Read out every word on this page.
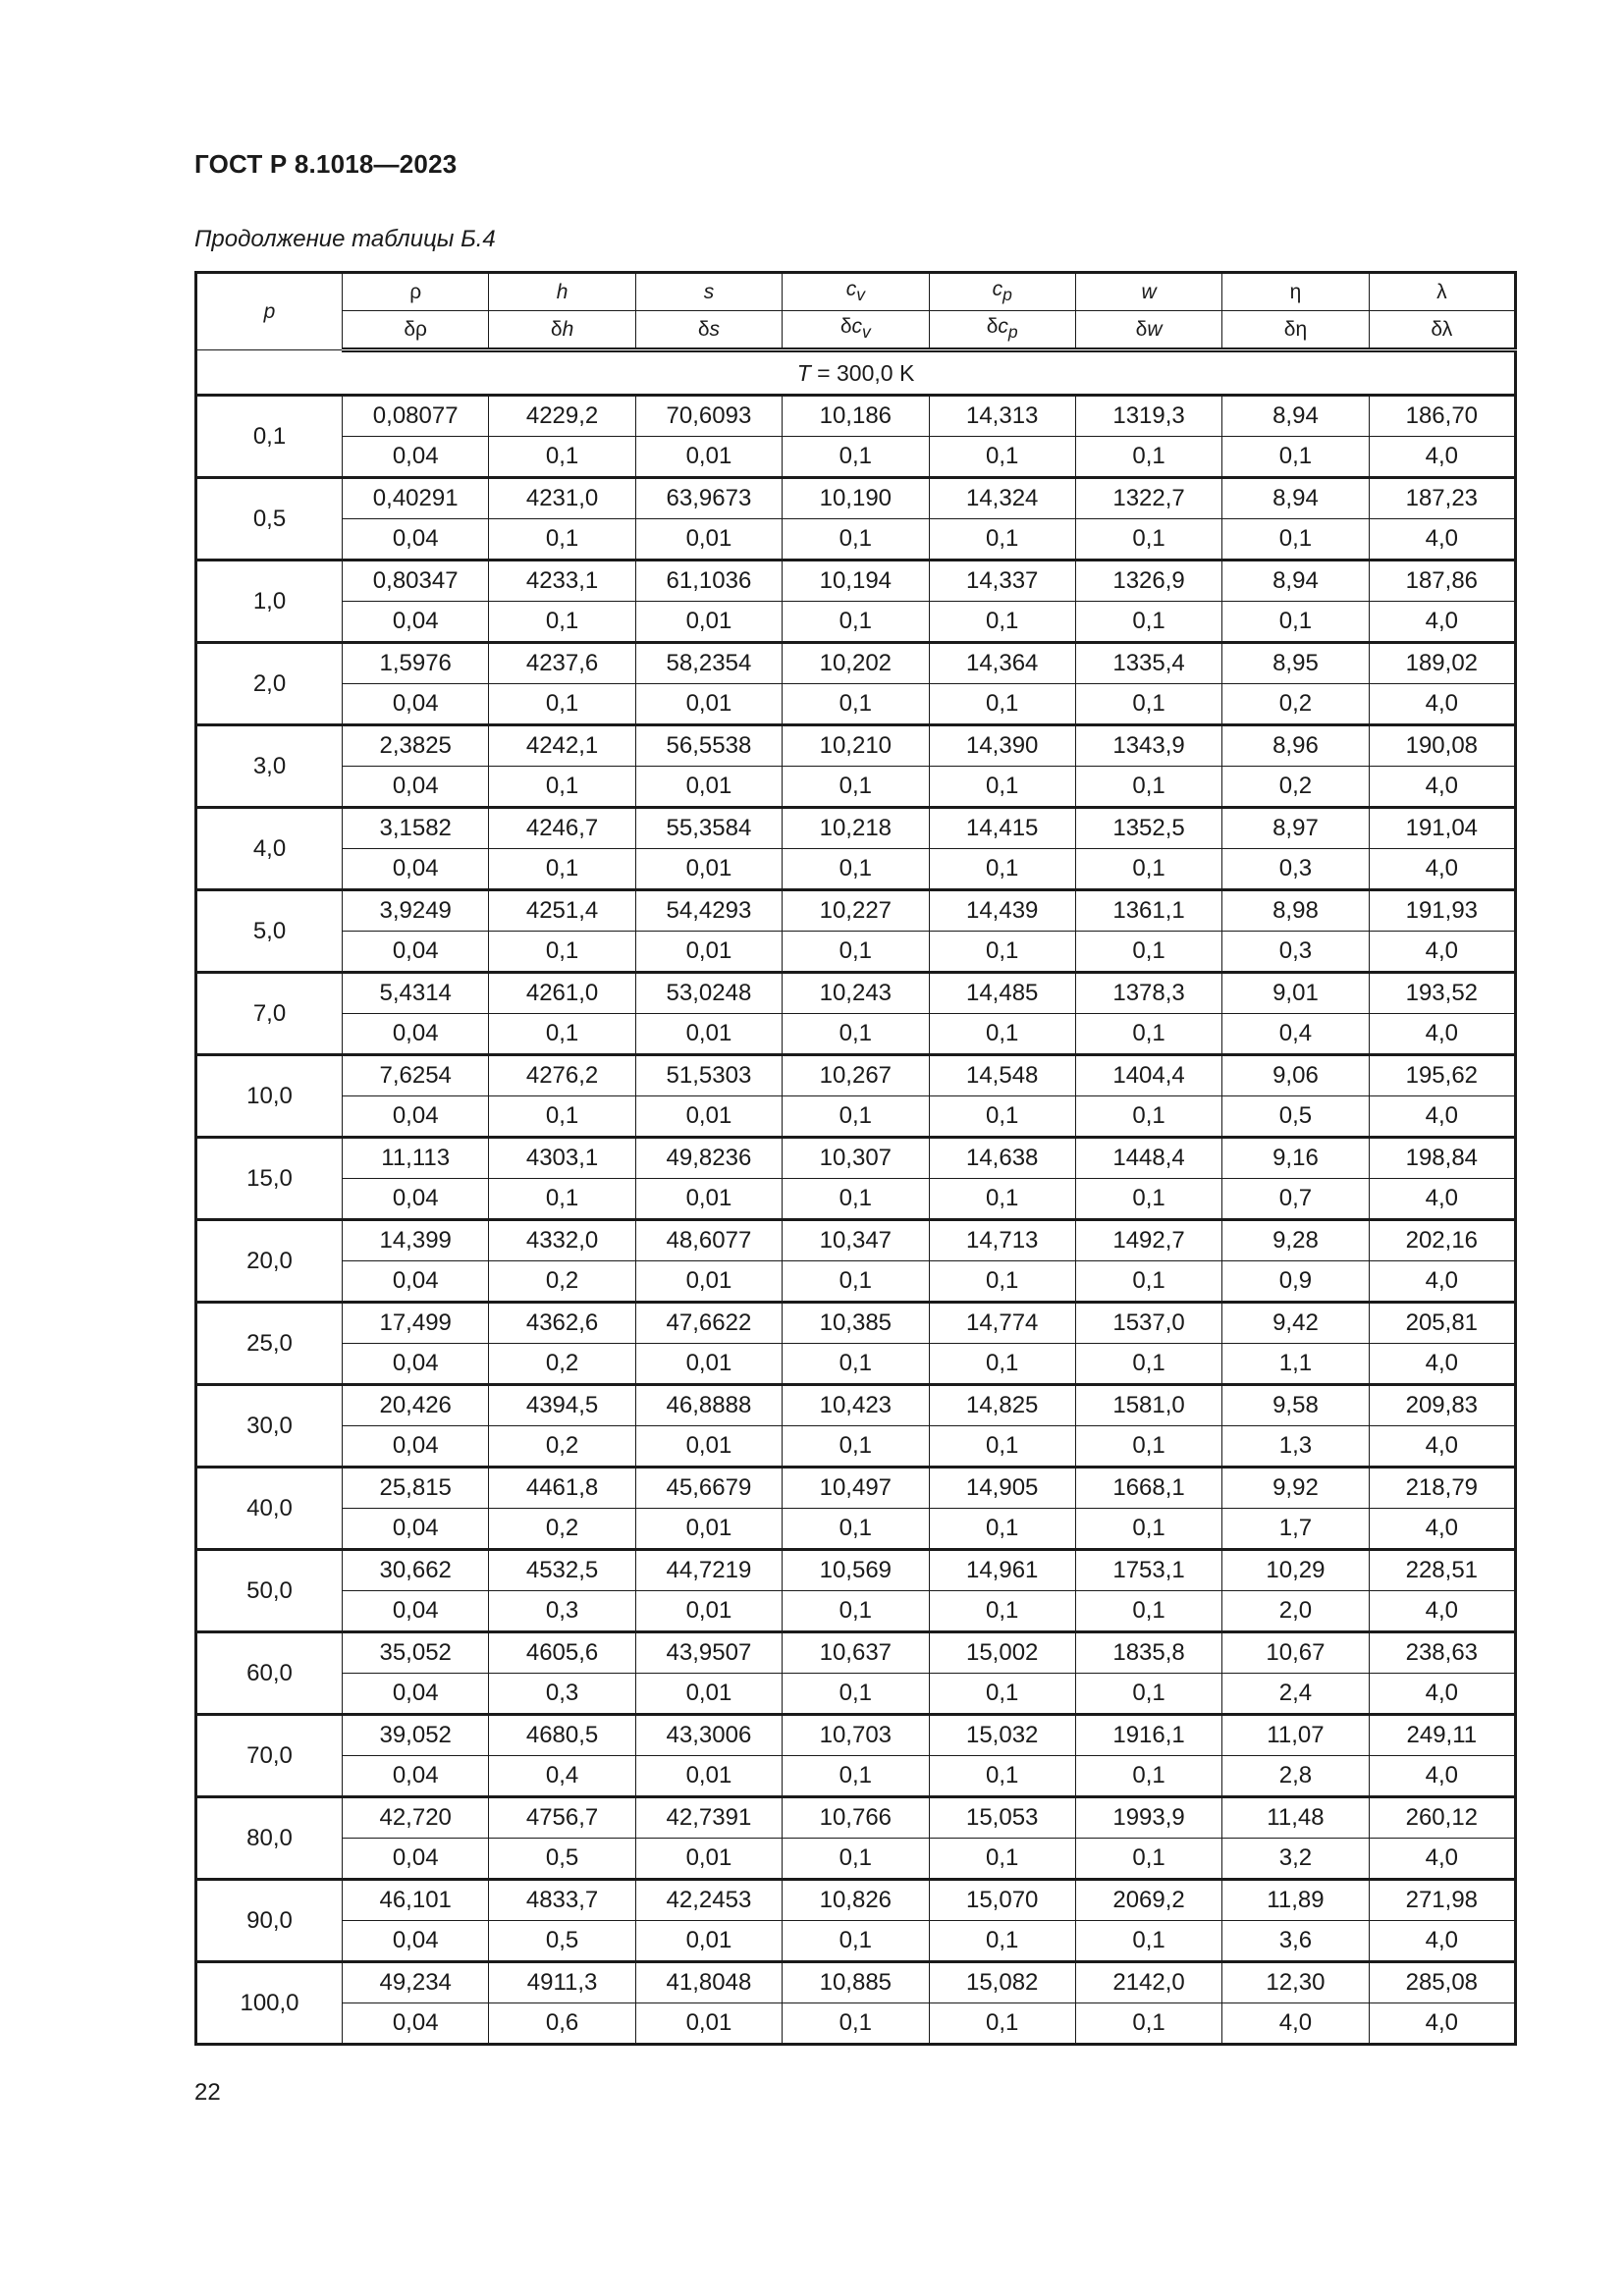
ГОСТ Р 8.1018—2023
Продолжение таблицы Б.4
p	ρ	h	s	$c_v$	$c_p$	w	η	λ
	δρ	δh	δs	$\delta c_v$	$\delta c_p$	δw	δη	δλ
T = 300,0 K								
0,1	0,08077	4229,2	70,6093	10,186	14,313	1319,3	8,94	186,70
	0,04	0,1	0,01	0,1	0,1	0,1	0,1	4,0
0,5	0,40291	4231,0	63,9673	10,190	14,324	1322,7	8,94	187,23
	0,04	0,1	0,01	0,1	0,1	0,1	0,1	4,0
1,0	0,80347	4233,1	61,1036	10,194	14,337	1326,9	8,94	187,86
	0,04	0,1	0,01	0,1	0,1	0,1	0,1	4,0
2,0	1,5976	4237,6	58,2354	10,202	14,364	1335,4	8,95	189,02
	0,04	0,1	0,01	0,1	0,1	0,1	0,2	4,0
3,0	2,3825	4242,1	56,5538	10,210	14,390	1343,9	8,96	190,08
	0,04	0,1	0,01	0,1	0,1	0,1	0,2	4,0
4,0	3,1582	4246,7	55,3584	10,218	14,415	1352,5	8,97	191,04
	0,04	0,1	0,01	0,1	0,1	0,1	0,3	4,0
5,0	3,9249	4251,4	54,4293	10,227	14,439	1361,1	8,98	191,93
	0,04	0,1	0,01	0,1	0,1	0,1	0,3	4,0
7,0	5,4314	4261,0	53,0248	10,243	14,485	1378,3	9,01	193,52
	0,04	0,1	0,01	0,1	0,1	0,1	0,4	4,0
10,0	7,6254	4276,2	51,5303	10,267	14,548	1404,4	9,06	195,62
	0,04	0,1	0,01	0,1	0,1	0,1	0,5	4,0
15,0	11,113	4303,1	49,8236	10,307	14,638	1448,4	9,16	198,84
	0,04	0,1	0,01	0,1	0,1	0,1	0,7	4,0
20,0	14,399	4332,0	48,6077	10,347	14,713	1492,7	9,28	202,16
	0,04	0,2	0,01	0,1	0,1	0,1	0,9	4,0
25,0	17,499	4362,6	47,6622	10,385	14,774	1537,0	9,42	205,81
	0,04	0,2	0,01	0,1	0,1	0,1	1,1	4,0
30,0	20,426	4394,5	46,8888	10,423	14,825	1581,0	9,58	209,83
	0,04	0,2	0,01	0,1	0,1	0,1	1,3	4,0
40,0	25,815	4461,8	45,6679	10,497	14,905	1668,1	9,92	218,79
	0,04	0,2	0,01	0,1	0,1	0,1	1,7	4,0
50,0	30,662	4532,5	44,7219	10,569	14,961	1753,1	10,29	228,51
	0,04	0,3	0,01	0,1	0,1	0,1	2,0	4,0
60,0	35,052	4605,6	43,9507	10,637	15,002	1835,8	10,67	238,63
	0,04	0,3	0,01	0,1	0,1	0,1	2,4	4,0
70,0	39,052	4680,5	43,3006	10,703	15,032	1916,1	11,07	249,11
	0,04	0,4	0,01	0,1	0,1	0,1	2,8	4,0
80,0	42,720	4756,7	42,7391	10,766	15,053	1993,9	11,48	260,12
	0,04	0,5	0,01	0,1	0,1	0,1	3,2	4,0
90,0	46,101	4833,7	42,2453	10,826	15,070	2069,2	11,89	271,98
	0,04	0,5	0,01	0,1	0,1	0,1	3,6	4,0
100,0	49,234	4911,3	41,8048	10,885	15,082	2142,0	12,30	285,08
	0,04	0,6	0,01	0,1	0,1	0,1	4,0	4,0
22
